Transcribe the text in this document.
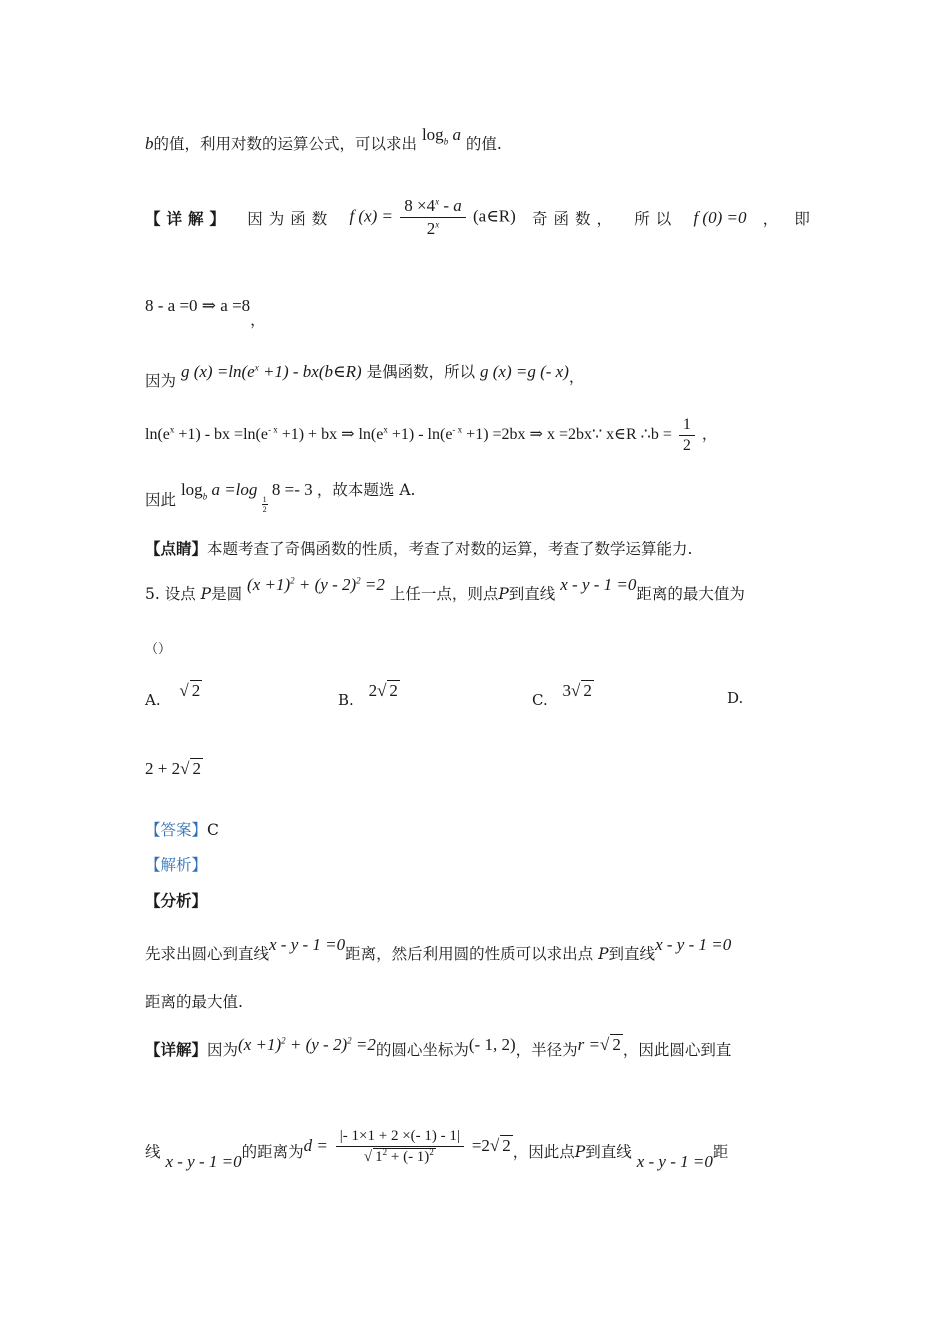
b的值，利用对数的运算公式，可以求出 $\log_b a$ 的值.
【详解】 因为函数 f $(x) = \frac{8 \times 4^x - a}{2^x}$ (a∈R) 奇函数， 所以 f (0) =0 ， 即
8 - a =0 ⇒ a =8，
因为 g $(x) =\ln(e^x +1)$ - bx(b∈R) 是偶函数，所以 g (x) =g (- x)，
$\ln(e^x +1)$ - bx $=\ln(e^{- x} +1)$ + bx ⇒ $\ln(e^x +1) - \ln(e^{- x} +1) =2bx$ ⇒ x =2bx∵ x∈R ∴b = $\frac{1}{2}$ ，
因此 $\log_b a =\log$
$\frac{1}{2}$
8 =- 3 ，故本题选 A.
【点睛】本题考查了奇偶函数的性质，考查了对数的运算，考查了数学运算能力.
5. 设点 P是圆 $(x +1)^2 + (y - 2)^2 =2$ 上任一点，则点P到直线 x - y - 1 =0距离的最大值为
（）
A. √ 2	B. 2√ 2	C. 3√ 2	D.
2 + 2√ 2
【答案】C
【解析】
【分析】
先求出圆心到直线x - y - 1 =0距离，然后利用圆的性质可以求出点 P到直线x - y - 1 =0
距离的最大值.
【详解】因为$(x +1)^2 + (y - 2)^2 =2$的圆心坐标为(- 1, 2)，半径为r =√ 2 ，因此圆心到直
线 x - y - 1 =0的距离为$d = \frac{|- 1\times 1 + 2 \times(- 1) - 1|}{√ 1^2 + (- 1)^2} =2√$ 2 ，因此点P到直线 x - y - 1 =0距
